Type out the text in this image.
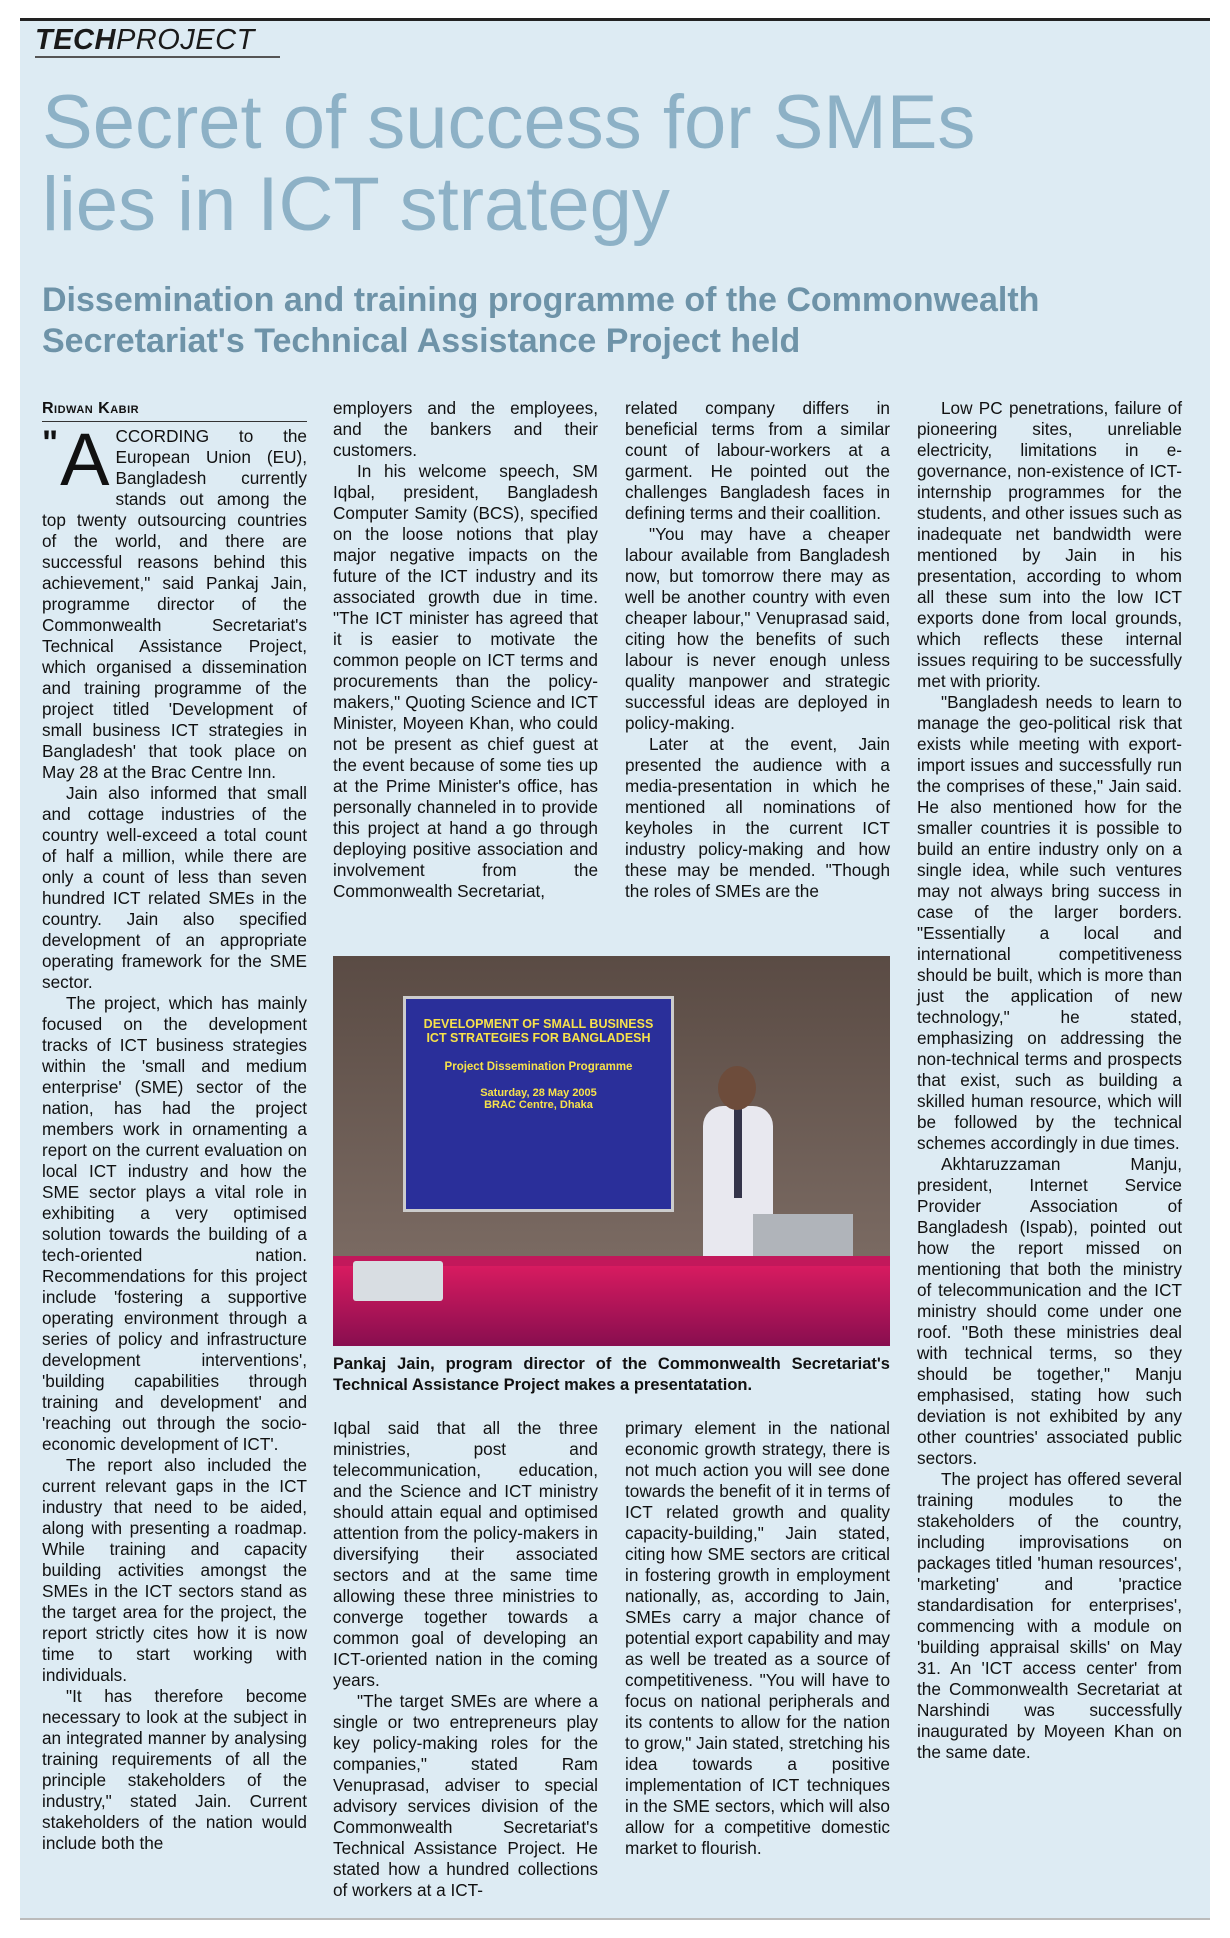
TECHPROJECT
Secret of success for SMEs
lies in ICT strategy
Dissemination and training programme of the Commonwealth
Secretariat's Technical Assistance Project held
Ridwan Kabir

" A CCORDING to the European Union (EU), Bangladesh currently stands out among the top twenty outsourcing countries of the world, and there are successful reasons behind this achievement," said Pankaj Jain, programme director of the Commonwealth Secretariat's Technical Assistance Project, which organised a dissemination and training programme of the project titled 'Development of small business ICT strategies in Bangladesh' that took place on May 28 at the Brac Centre Inn.

Jain also informed that small and cottage industries of the country well-exceed a total count of half a million, while there are only a count of less than seven hundred ICT related SMEs in the country. Jain also specified development of an appropriate operating framework for the SME sector.

The project, which has mainly focused on the development tracks of ICT business strategies within the 'small and medium enterprise' (SME) sector of the nation, has had the project members work in ornamenting a report on the current evaluation on local ICT industry and how the SME sector plays a vital role in exhibiting a very optimised solution towards the building of a tech-oriented nation. Recommendations for this project include 'fostering a supportive operating environment through a series of policy and infrastructure development interventions', 'building capabilities through training and development' and 'reaching out through the socio-economic development of ICT'.

The report also included the current relevant gaps in the ICT industry that need to be aided, along with presenting a roadmap. While training and capacity building activities amongst the SMEs in the ICT sectors stand as the target area for the project, the report strictly cites how it is now time to start working with individuals.

"It has therefore become necessary to look at the subject in an integrated manner by analysing training requirements of all the principle stakeholders of the industry," stated Jain. Current stakeholders of the nation would include both the

employers and the employees, and the bankers and their customers.

In his welcome speech, SM Iqbal, president, Bangladesh Computer Samity (BCS), specified on the loose notions that play major negative impacts on the future of the ICT industry and its associated growth due in time. "The ICT minister has agreed that it is easier to motivate the common people on ICT terms and procurements than the policy-makers," Quoting Science and ICT Minister, Moyeen Khan, who could not be present as chief guest at the event because of some ties up at the Prime Minister's office, has personally channeled in to provide this project at hand a go through deploying positive association and involvement from the Commonwealth Secretariat,

related company differs in beneficial terms from a similar count of labour-workers at a garment. He pointed out the challenges Bangladesh faces in defining terms and their coallition.

"You may have a cheaper labour available from Bangladesh now, but tomorrow there may as well be another country with even cheaper labour," Venuprasad said, citing how the benefits of such labour is never enough unless quality manpower and strategic successful ideas are deployed in policy-making.

Later at the event, Jain presented the audience with a media-presentation in which he mentioned all nominations of keyholes in the current ICT industry policy-making and how these may be mended. "Though the roles of SMEs are the

Low PC penetrations, failure of pioneering sites, unreliable electricity, limitations in e-governance, non-existence of ICT-internship programmes for the students, and other issues such as inadequate net bandwidth were mentioned by Jain in his presentation, according to whom all these sum into the low ICT exports done from local grounds, which reflects these internal issues requiring to be successfully met with priority.

"Bangladesh needs to learn to manage the geo-political risk that exists while meeting with export-import issues and successfully run the comprises of these," Jain said. He also mentioned how for the smaller countries it is possible to build an entire industry only on a single idea, while such ventures may not always bring success in case of the larger borders. "Essentially a local and international competitiveness should be built, which is more than just the application of new technology," he stated, emphasizing on addressing the non-technical terms and prospects that exist, such as building a skilled human resource, which will be followed by the technical schemes accordingly in due times.

Akhtaruzzaman Manju, president, Internet Service Provider Association of Bangladesh (Ispab), pointed out how the report missed on mentioning that both the ministry of telecommunication and the ICT ministry should come under one roof. "Both these ministries deal with technical terms, so they should be together," Manju emphasised, stating how such deviation is not exhibited by any other countries' associated public sectors.

The project has offered several training modules to the stakeholders of the country, including improvisations on packages titled 'human resources', 'marketing' and 'practice standardisation for enterprises', commencing with a module on 'building appraisal skills' on May 31. An 'ICT access center' from the Commonwealth Secretariat at Narshindi was successfully inaugurated by Moyeen Khan on the same date.

DEVELOPMENT OF SMALL BUSINESS
ICT STRATEGIES FOR BANGLADESH
Project Dissemination Programme
Saturday, 28 May 2005
BRAC Centre, Dhaka
Pankaj Jain, program director of the Commonwealth Secretariat's Technical Assistance Project makes a presentatation.

Iqbal said that all the three ministries, post and telecommunication, education, and the Science and ICT ministry should attain equal and optimised attention from the policy-makers in diversifying their associated sectors and at the same time allowing these three ministries to converge together towards a common goal of developing an ICT-oriented nation in the coming years.

"The target SMEs are where a single or two entrepreneurs play key policy-making roles for the companies," stated Ram Venuprasad, adviser to special advisory services division of the Commonwealth Secretariat's Technical Assistance Project. He stated how a hundred collections of workers at a ICT-

primary element in the national economic growth strategy, there is not much action you will see done towards the benefit of it in terms of ICT related growth and quality capacity-building," Jain stated, citing how SME sectors are critical in fostering growth in employment nationally, as, according to Jain, SMEs carry a major chance of potential export capability and may as well be treated as a source of competitiveness. "You will have to focus on national peripherals and its contents to allow for the nation to grow," Jain stated, stretching his idea towards a positive implementation of ICT techniques in the SME sectors, which will also allow for a competitive domestic market to flourish.
